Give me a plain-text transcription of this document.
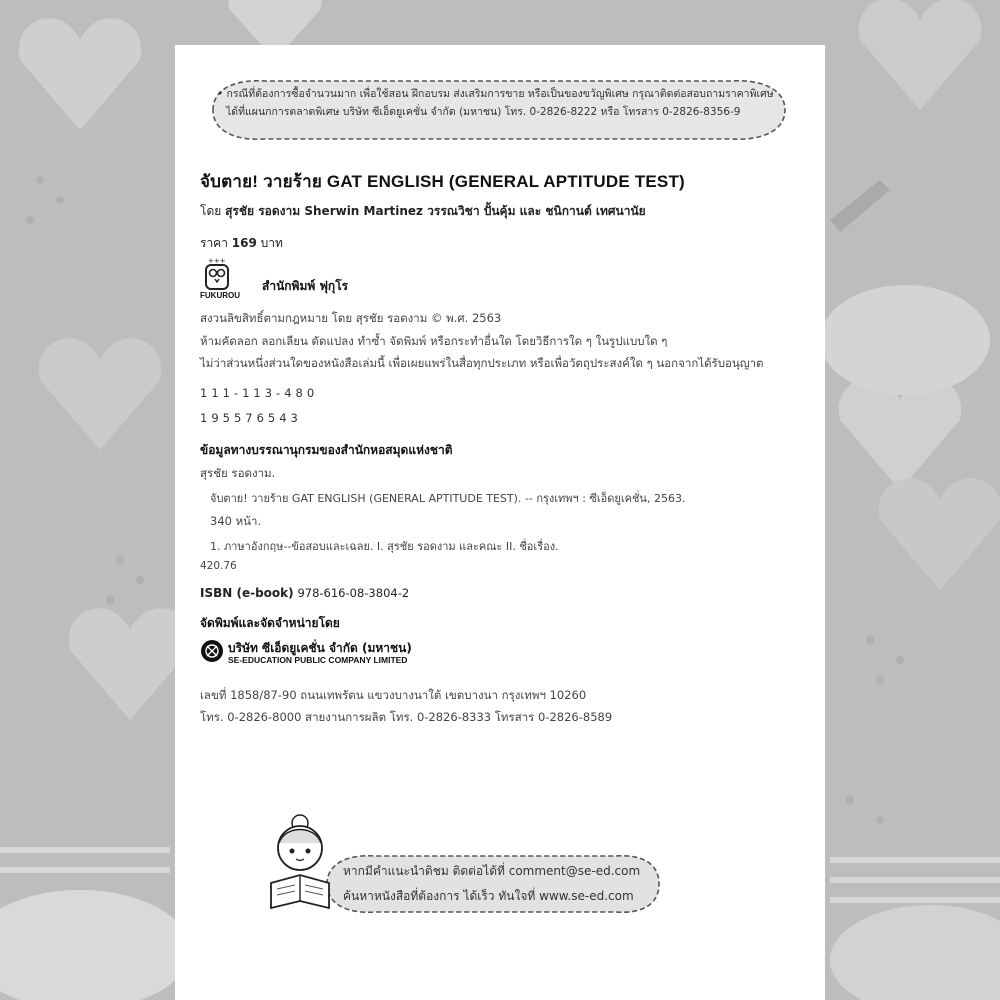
• กรณีที่ต้องการซื้อจำนวนมาก เพื่อใช้สอน ฝึกอบรม ส่งเสริมการขาย หรือเป็นของขวัญพิเศษ กรุณาติดต่อสอบถามราคาพิเศษ
ได้ที่แผนกการตลาดพิเศษ บริษัท ซีเอ็ดยูเคชั่น จำกัด (มหาชน) โทร. 0-2826-8222 หรือ โทรสาร 0-2826-8356-9
จับตาย! วายร้าย GAT ENGLISH (GENERAL APTITUDE TEST)
โดย สุรชัย รอดงาม Sherwin Martinez วรรณวิชา ปั้นคุ้ม และ ชนิกานต์ เทศนานัย
ราคา 169 บาท
+++
FUKUROU
สำนักพิมพ์ ฟุกุโร
สงวนลิขสิทธิ์ตามกฎหมาย โดย สุรชัย รอดงาม © พ.ศ. 2563
ห้ามคัดลอก ลอกเลียน ดัดแปลง ทำซ้ำ จัดพิมพ์ หรือกระทำอื่นใด โดยวิธีการใด ๆ ในรูปแบบใด ๆ
ไม่ว่าส่วนหนึ่งส่วนใดของหนังสือเล่มนี้ เพื่อเผยแพร่ในสื่อทุกประเภท หรือเพื่อวัตถุประสงค์ใด ๆ นอกจากได้รับอนุญาต
111-113-480
195576543
ข้อมูลทางบรรณานุกรมของสำนักหอสมุดแห่งชาติ
สุรชัย รอดงาม.
จับตาย! วายร้าย GAT ENGLISH (GENERAL APTITUDE TEST). -- กรุงเทพฯ : ซีเอ็ดยูเคชั่น, 2563.
340 หน้า.
1. ภาษาอังกฤษ--ข้อสอบและเฉลย. I. สุรชัย รอดงาม และคณะ II. ชื่อเรื่อง.
420.76
ISBN (e-book) 978-616-08-3804-2
จัดพิมพ์และจัดจำหน่ายโดย
บริษัท ซีเอ็ดยูเคชั่น จำกัด (มหาชน)
SE-EDUCATION PUBLIC COMPANY LIMITED
เลขที่ 1858/87-90 ถนนเทพรัตน แขวงบางนาใต้ เขตบางนา กรุงเทพฯ 10260
โทร. 0-2826-8000 สายงานการผลิต โทร. 0-2826-8333 โทรสาร 0-2826-8589
หากมีคำแนะนำติชม ติดต่อได้ที่ comment@se-ed.com
ค้นหาหนังสือที่ต้องการ ได้เร็ว ทันใจที่ www.se-ed.com
